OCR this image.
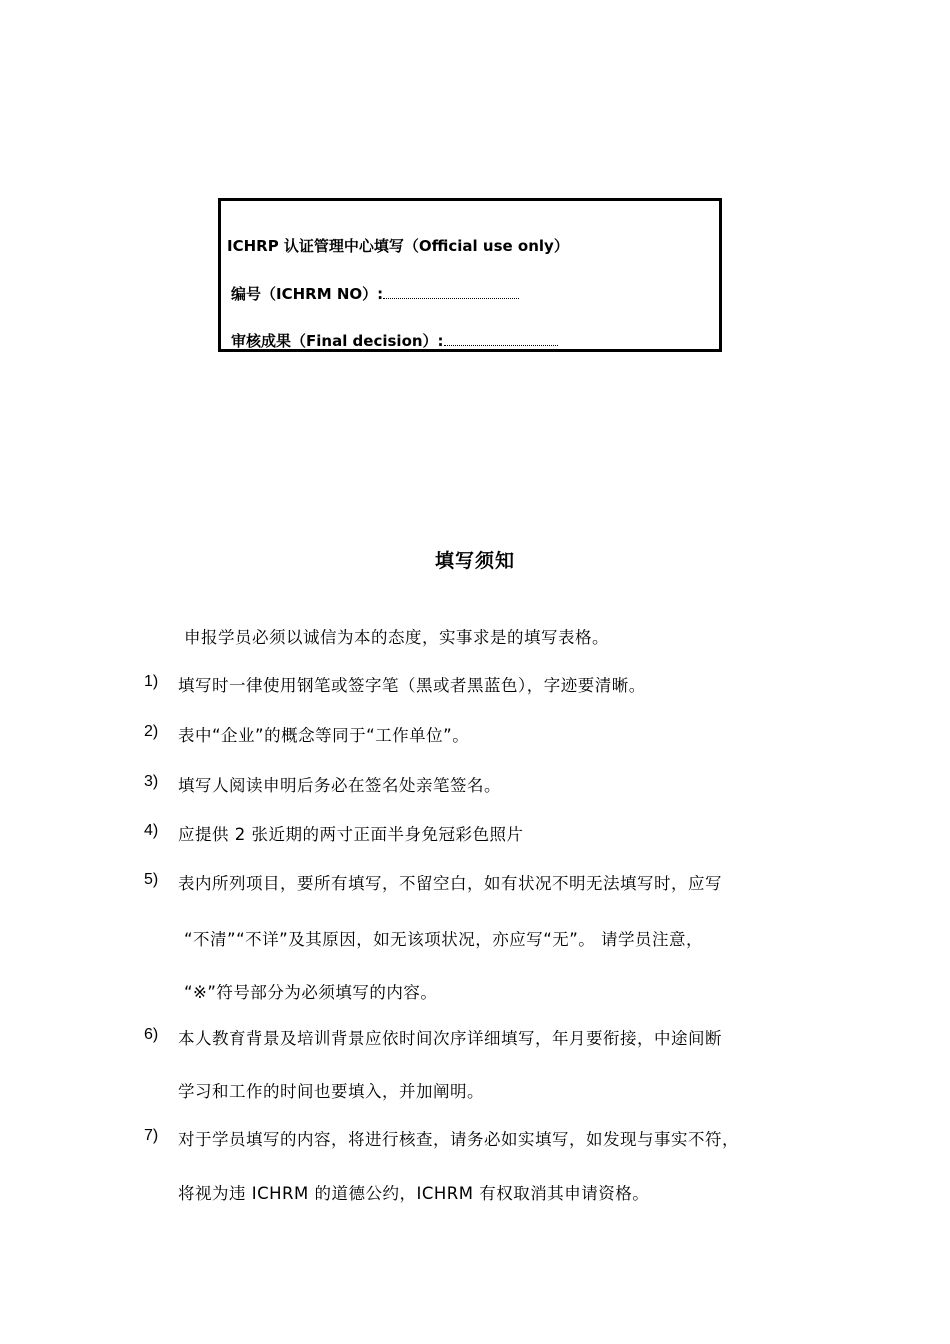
ICHRP 认证管理中心填写（Official use only）
编号（ICHRM NO）:
审核成果（Final decision）:
填写须知
申报学员必须以诚信为本的态度，实事求是的填写表格。
1) 填写时一律使用钢笔或签字笔（黑或者黑蓝色），字迹要清晰。
2) 表中“企业”的概念等同于“工作单位”。
3) 填写人阅读申明后务必在签名处亲笔签名。
4) 应提供 2 张近期的两寸正面半身免冠彩色照片
5) 表内所列项目，要所有填写，不留空白，如有状况不明无法填写时，应写
“不清”“不详”及其原因，如无该项状况，亦应写“无”。 请学员注意，
“※”符号部分为必须填写的内容。
6) 本人教育背景及培训背景应依时间次序详细填写，年月要衔接，中途间断
学习和工作的时间也要填入，并加阐明。
7) 对于学员填写的内容，将进行核查，请务必如实填写，如发现与事实不符，
将视为违 ICHRM 的道德公约，ICHRM 有权取消其申请资格。
